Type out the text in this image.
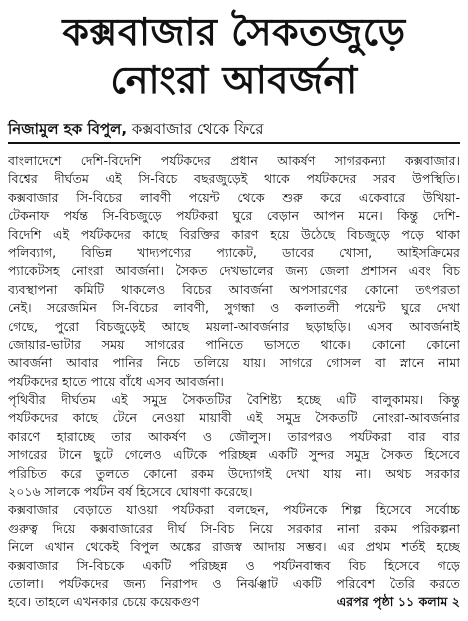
কক্সবাজার সৈকতজুড়ে
নোংরা আবর্জনা
নিজামুল হক বিপুল, কক্সবাজার থেকে ফিরে
বাংলাদেশে দেশি-বিদেশি পর্যটকদের প্রধান আকর্ষণ সাগরকন্যা কক্সবাজার।
বিশ্বের দীর্ঘতম এই সি-বিচে বছরজুড়েই থাকে পর্যটকদের সরব উপস্থিতি।
কক্সবাজার সি-বিচের লাবণী পয়েন্ট থেকে শুরু করে একেবারে উখিয়া-
টেকনাফ পর্যন্ত সি-বিচজুড়ে পর্যটকরা ঘুরে বেড়ান আপন মনে। কিন্তু দেশি-
বিদেশি এই পর্যটকদের কাছে বিরক্তির কারণ হয়ে উঠেছে বিচজুড়ে পড়ে থাকা
পলিব্যাগ, বিভিন্ন খাদ্যপণ্যের প্যাকেট, ডাবের খোসা, আইসক্রিমের
প্যাকেটসহ নোংরা আবর্জনা। সৈকত দেখভালের জন্য জেলা প্রশাসন এবং বিচ
ব্যবস্থাপনা কমিটি থাকলেও বিচের আবর্জনা অপসারণের কোনো তৎপরতা
নেই। সরেজমিন সি-বিচের লাবণী, সুগন্ধা ও কলাতলী পয়েন্ট ঘুরে দেখা
গেছে, পুরো বিচজুড়েই আছে ময়লা-আবর্জনার ছড়াছড়ি। এসব আবর্জনাই
জোয়ার-ভাটার সময় সাগরের পানিতে ভাসতে থাকে। কোনো কোনো
আবর্জনা আবার পানির নিচে তলিয়ে যায়। সাগরে গোসল বা স্নানে নামা
পর্যটকদের হাতে পায়ে বাঁধে এসব আবর্জনা।
পৃথিবীর দীর্ঘতম এই সমুদ্র সৈকতটির বৈশিষ্ট্য হচ্ছে এটি বালুকাময়। কিন্তু
পর্যটকদের কাছে টেনে নেওয়া মায়াবী এই সমুদ্র সৈকতটি নোংরা-আবর্জনার
কারণে হারাচ্ছে তার আকর্ষণ ও জৌলুস। তারপরও পর্যটকরা বার বার
সাগরের টানে ছুটে গেলেও এটিকে পরিচ্ছন্ন একটি সুন্দর সমুদ্র সৈকত হিসেবে
পরিচিত করে তুলতে কোনো রকম উদ্যোগই দেখা যায় না। অথচ সরকার
২০১৬ সালকে পর্যটন বর্ষ হিসেবে ঘোষণা করেছে।
কক্সবাজার বেড়াতে যাওয়া পর্যটকরা বলছেন, পর্যটনকে শিল্প হিসেবে সর্বোচ্চ
গুরুত্ব দিয়ে কক্সবাজারের দীর্ঘ সি-বিচ নিয়ে সরকার নানা রকম পরিকল্পনা
নিলে এখান থেকেই বিপুল অঙ্কের রাজস্ব আদায় সম্ভব। এর প্রথম শর্তই হচ্ছে
কক্সবাজার সি-বিচকে একটি পরিচ্ছন্ন ও পর্যটনবান্ধব বিচ হিসেবে গড়ে
তোলা। পর্যটকদের জন্য নিরাপদ ও নির্ঝঞ্ঝাট একটি পরিবেশ তৈরি করতে
হবে। তাহলে এখনকার চেয়ে কয়েকগুণ	এরপর পৃষ্ঠা ১১ কলাম ২
